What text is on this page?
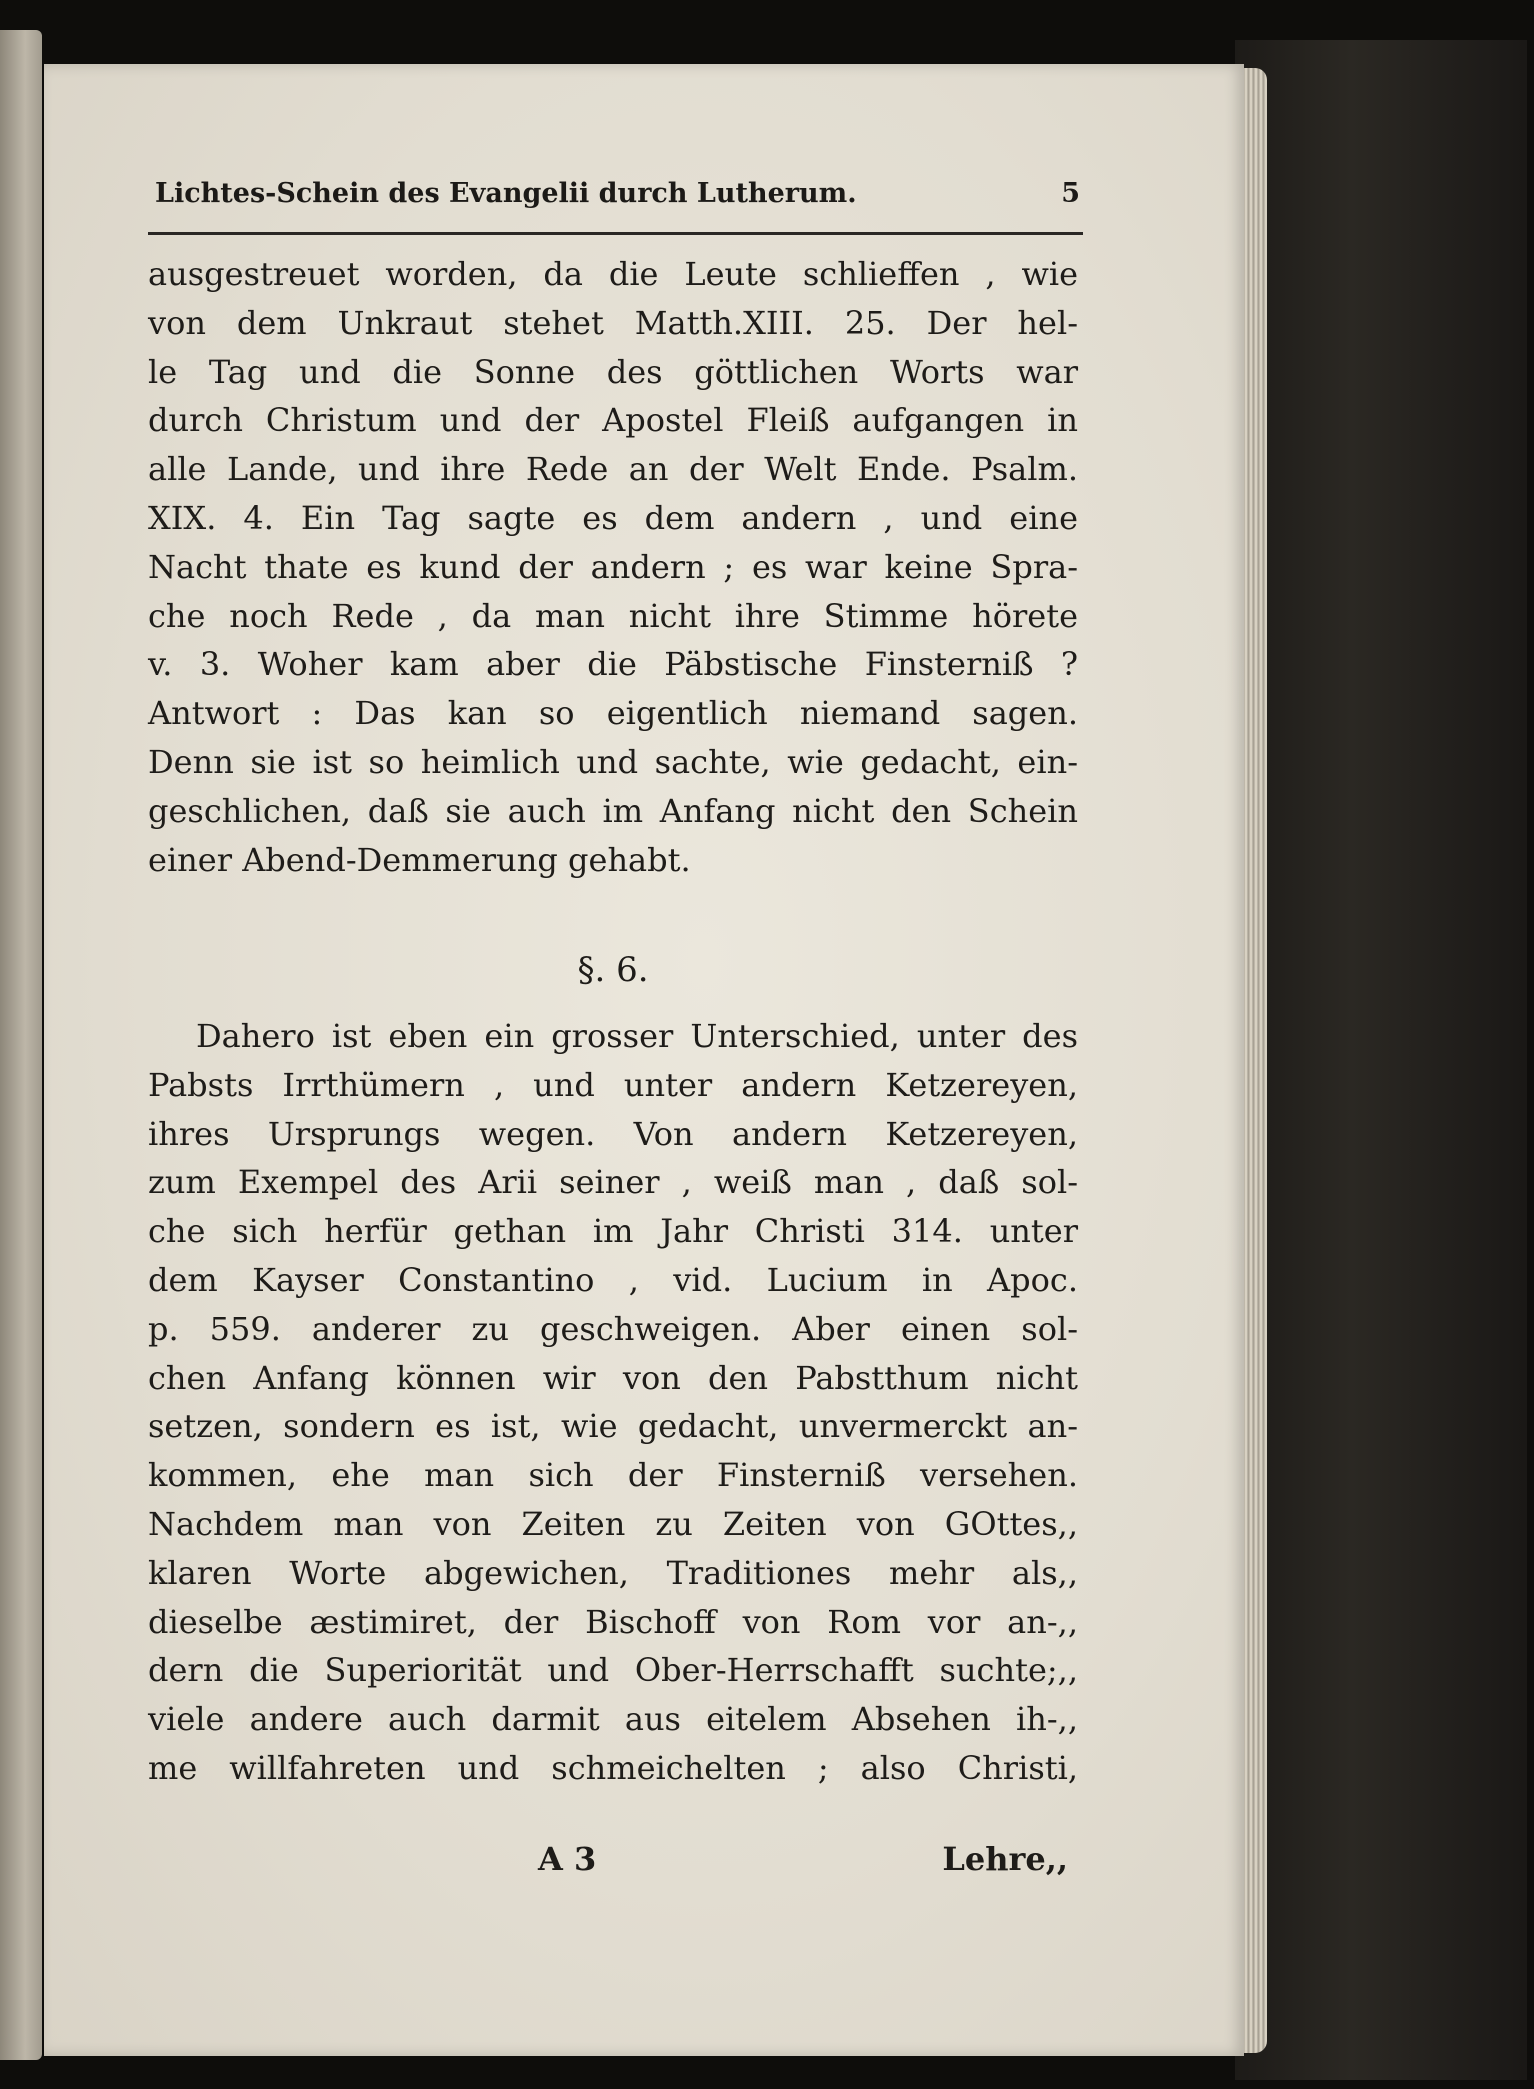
Lichtes-Schein des Evangelii durch Lutherum.	5
ausgestreuet worden, da die Leute schlieffen , wie
von dem Unkraut stehet Matth.XIII. 25. Der hel-
le Tag und die Sonne des göttlichen Worts war
durch Christum und der Apostel Fleiß aufgangen in
alle Lande, und ihre Rede an der Welt Ende. Psalm.
XIX. 4. Ein Tag sagte es dem andern , und eine
Nacht thate es kund der andern ; es war keine Spra-
che noch Rede , da man nicht ihre Stimme hörete
v. 3. Woher kam aber die Päbstische Finsterniß ?
Antwort : Das kan so eigentlich niemand sagen.
Denn sie ist so heimlich und sachte, wie gedacht, ein-
geschlichen, daß sie auch im Anfang nicht den Schein
einer Abend-Demmerung gehabt.
§. 6.
Dahero ist eben ein grosser Unterschied, unter des
Pabsts Irrthümern , und unter andern Ketzereyen,
ihres Ursprungs wegen. Von andern Ketzereyen,
zum Exempel des Arii seiner , weiß man , daß sol-
che sich herfür gethan im Jahr Christi 314. unter
dem Kayser Constantino , vid. Lucium in Apoc.
p. 559. anderer zu geschweigen. Aber einen sol-
chen Anfang können wir von den Pabstthum nicht
setzen, sondern es ist, wie gedacht, unvermerckt an-
kommen, ehe man sich der Finsterniß versehen.
Nachdem man von Zeiten zu Zeiten von GOttes,,
klaren Worte abgewichen, Traditiones mehr als,,
dieselbe æstimiret, der Bischoff von Rom vor an-,,
dern die Superiorität und Ober-Herrschafft suchte;,,
viele andere auch darmit aus eitelem Absehen ih-,,
me willfahreten und schmeichelten ; also Christi,
A 3	Lehre,,
